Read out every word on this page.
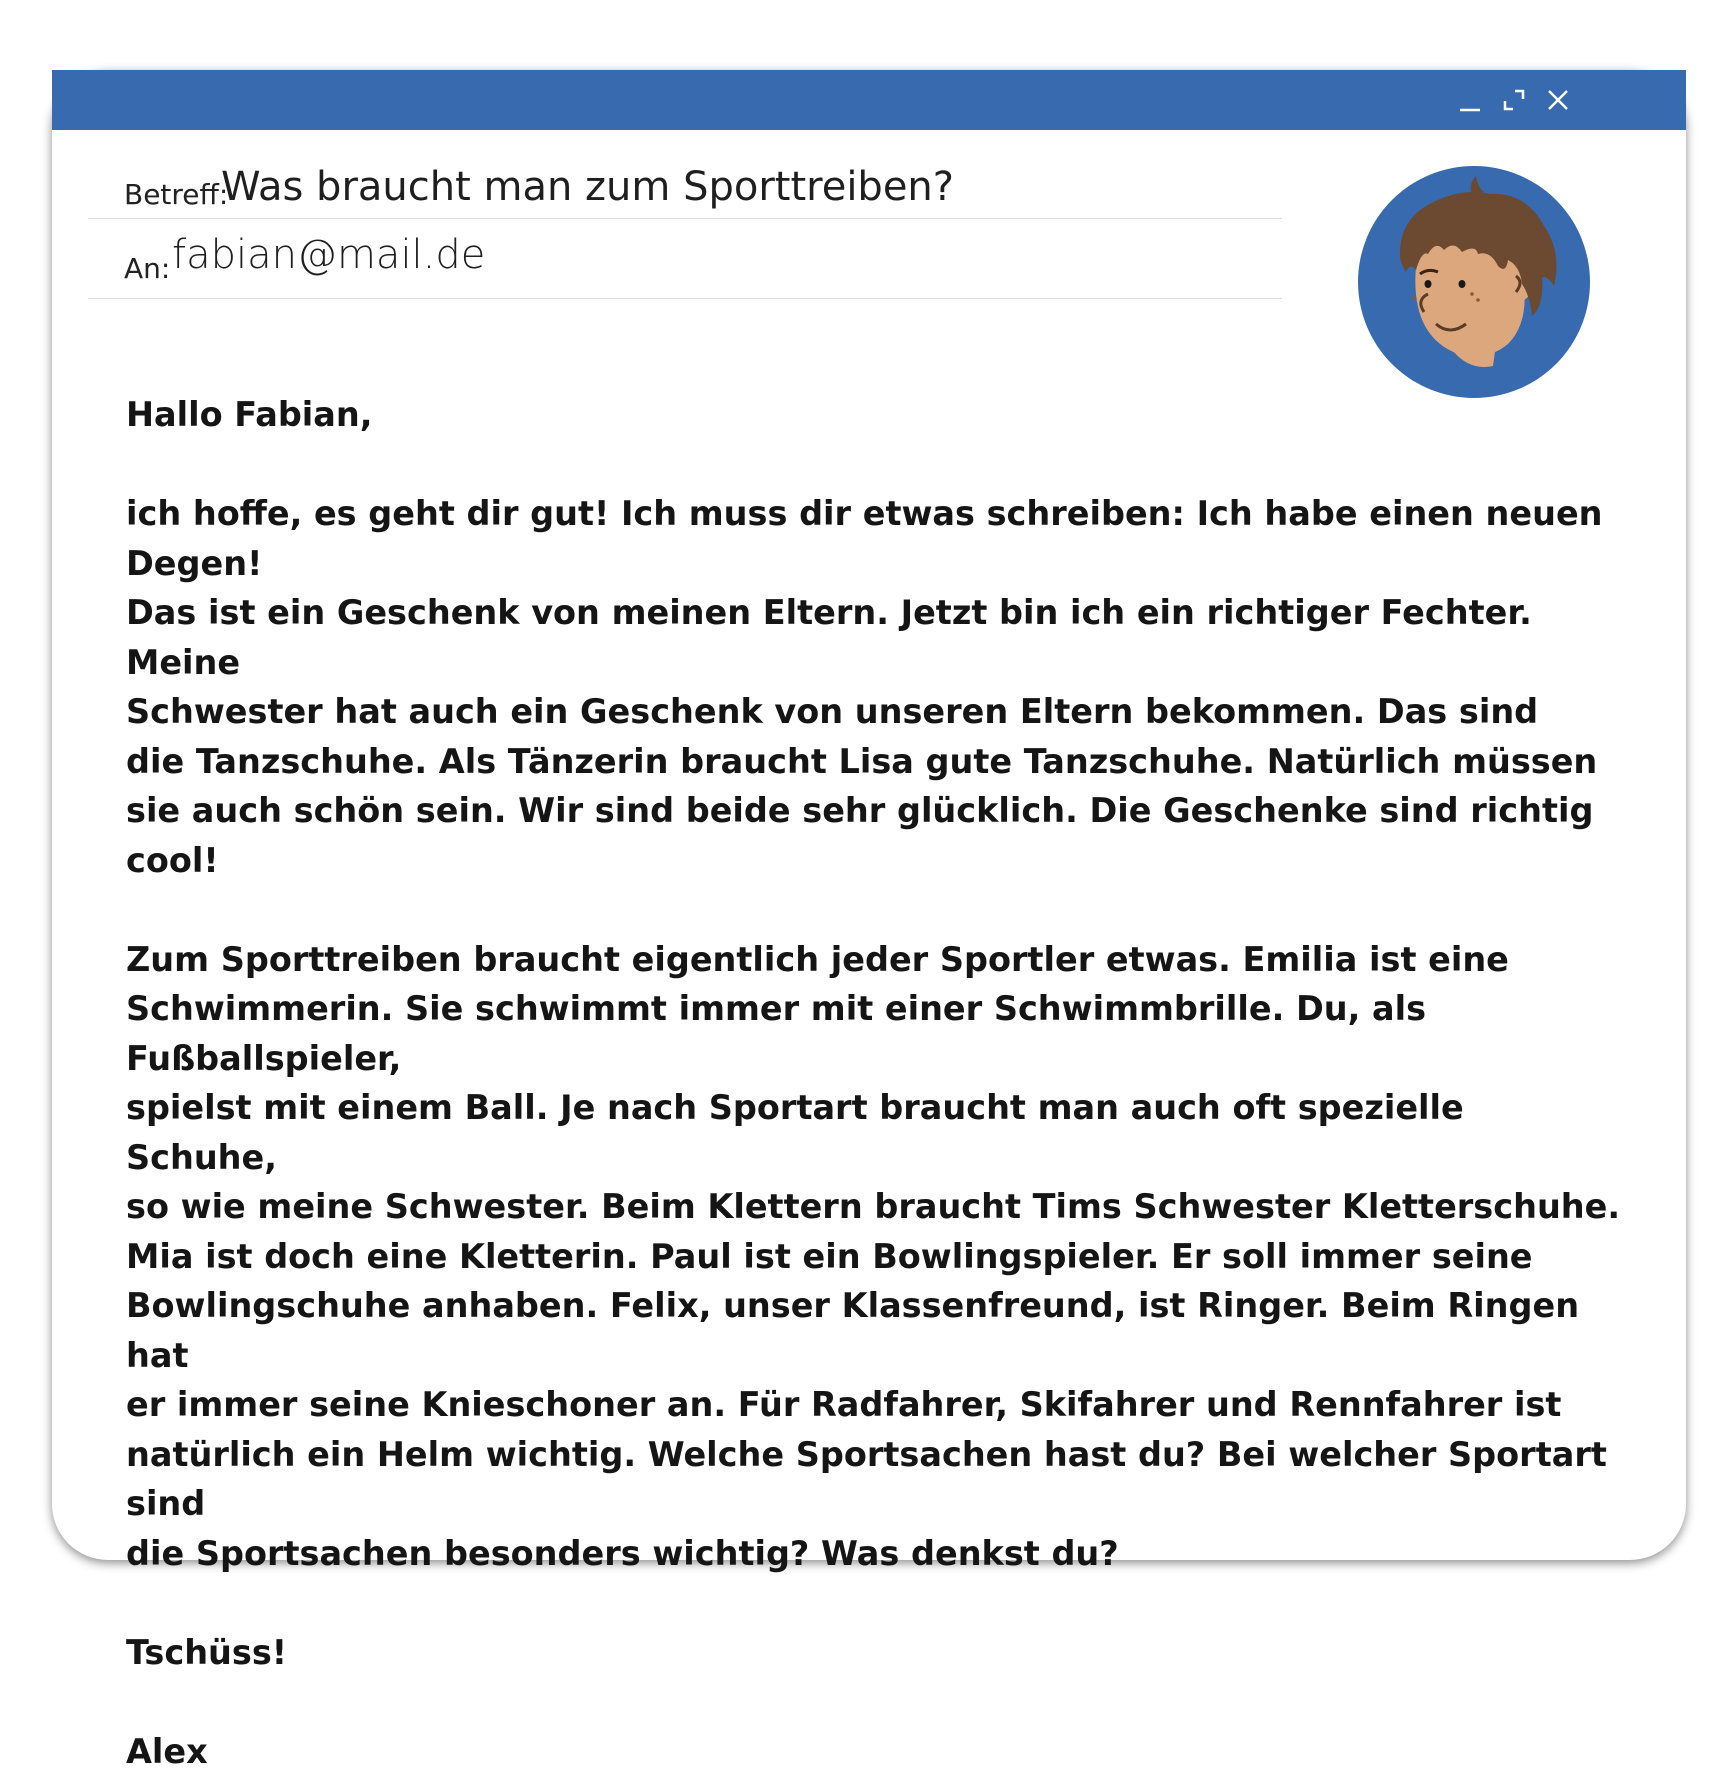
Betreff:
Was braucht man zum Sporttreiben?
An:
fabian@mail.de

Hallo Fabian,

ich hoffe, es geht dir gut! Ich muss dir etwas schreiben: Ich habe einen neuen Degen!

Das ist ein Geschenk von meinen Eltern. Jetzt bin ich ein richtiger Fechter. Meine

Schwester hat auch ein Geschenk von unseren Eltern bekommen. Das sind

die Tanzschuhe. Als Tänzerin braucht Lisa gute Tanzschuhe. Natürlich müssen

sie auch schön sein. Wir sind beide sehr glücklich. Die Geschenke sind richtig cool!

Zum Sporttreiben braucht eigentlich jeder Sportler etwas. Emilia ist eine

Schwimmerin. Sie schwimmt immer mit einer Schwimmbrille. Du, als Fußballspieler,

spielst mit einem Ball. Je nach Sportart braucht man auch oft spezielle Schuhe,

so wie meine Schwester. Beim Klettern braucht Tims Schwester Kletterschuhe.

Mia ist doch eine Kletterin. Paul ist ein Bowlingspieler. Er soll immer seine

Bowlingschuhe anhaben. Felix, unser Klassenfreund, ist Ringer. Beim Ringen hat

er immer seine Knieschoner an. Für Radfahrer, Skifahrer und Rennfahrer ist

natürlich ein Helm wichtig. Welche Sportsachen hast du? Bei welcher Sportart sind

die Sportsachen besonders wichtig? Was denkst du?

Tschüss!

Alex
